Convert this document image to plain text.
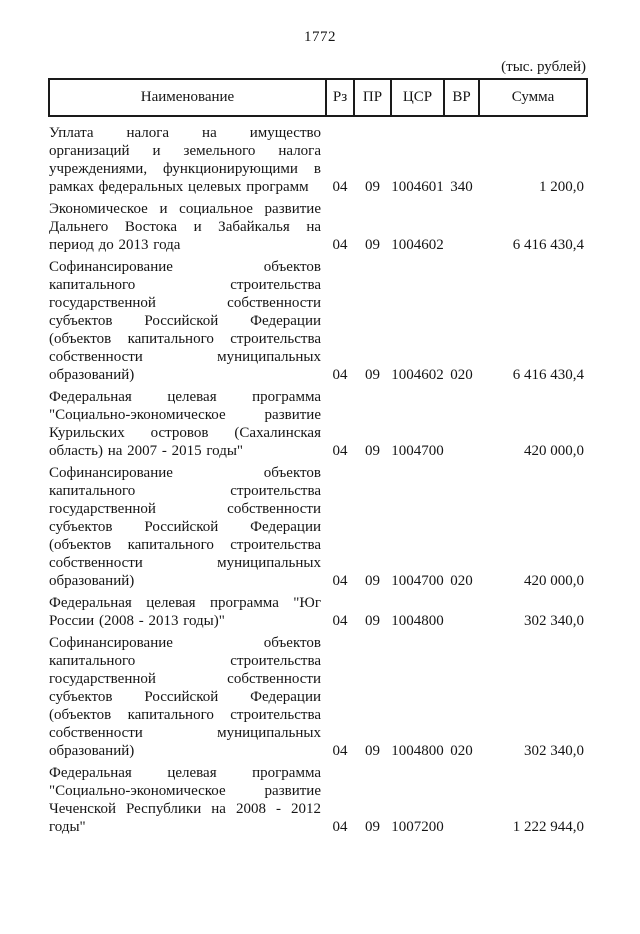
1772
(тыс. рублей)
Наименование	Рз	ПР	ЦСР	ВР	Сумма
Уплата налога на имущество организаций и земельного налога учреждениями, функционирующими в рамках федеральных целевых программ	04	09	1004601	340	1 200,0
Экономическое и социальное развитие Дальнего Востока и Забайкалья на период до 2013 года	04	09	1004602		6 416 430,4
Софинансирование объектов капитального строительства государственной собственности субъектов Российской Федерации (объектов капитального строительства собственности муниципальных образований)	04	09	1004602	020	6 416 430,4
Федеральная целевая программа "Социально-экономическое развитие Курильских островов (Сахалинская область) на 2007 - 2015 годы"	04	09	1004700		420 000,0
Софинансирование объектов капитального строительства государственной собственности субъектов Российской Федерации (объектов капитального строительства собственности муниципальных образований)	04	09	1004700	020	420 000,0
Федеральная целевая программа "Юг России (2008 - 2013 годы)"	04	09	1004800		302 340,0
Софинансирование объектов капитального строительства государственной собственности субъектов Российской Федерации (объектов капитального строительства собственности муниципальных образований)	04	09	1004800	020	302 340,0
Федеральная целевая программа "Социально-экономическое развитие Чеченской Республики на 2008 - 2012 годы"	04	09	1007200		1 222 944,0
